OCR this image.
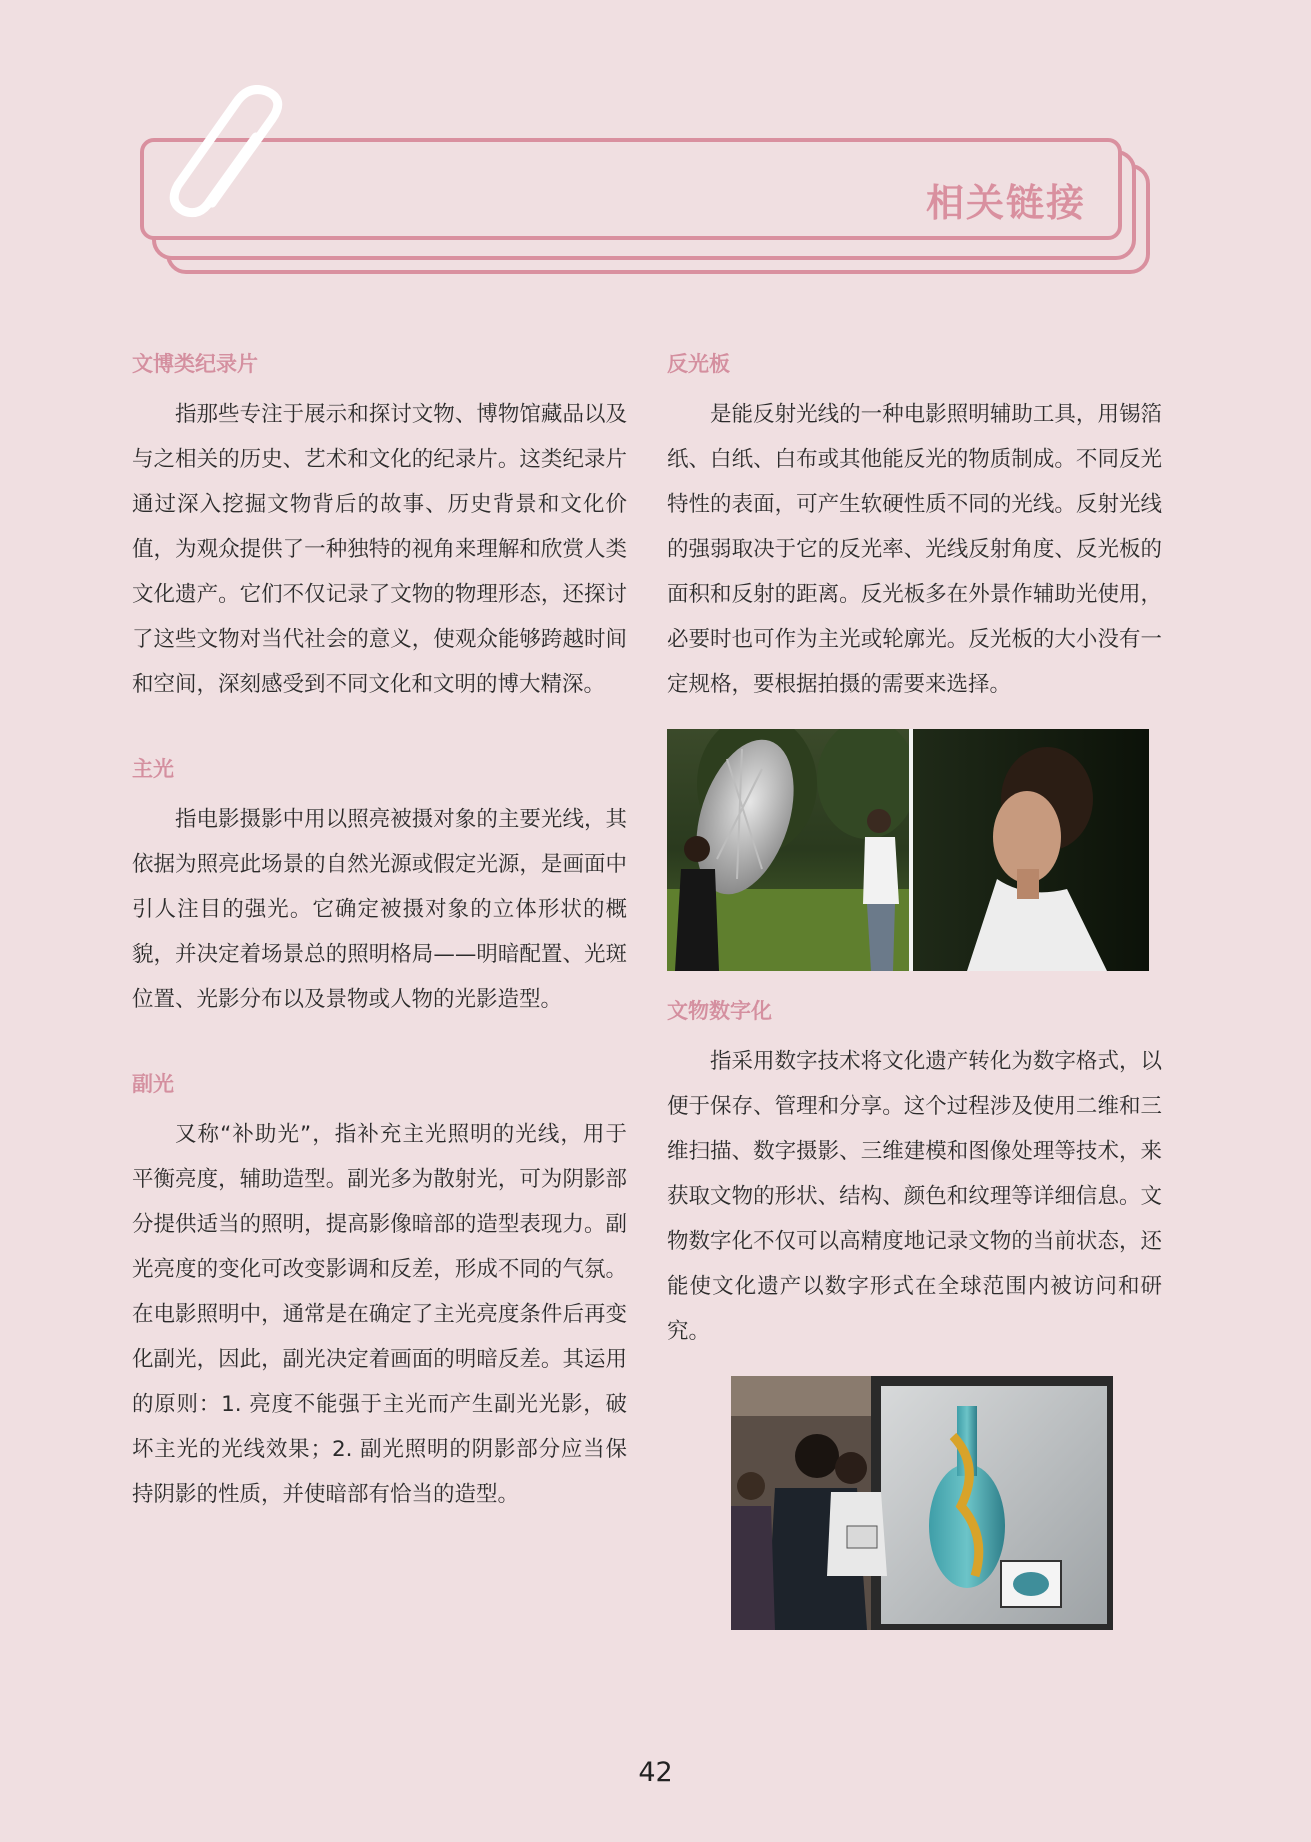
相关链接
文博类纪录片

指那些专注于展示和探讨文物、博物馆藏品以及与之相关的历史、艺术和文化的纪录片。这类纪录片通过深入挖掘文物背后的故事、历史背景和文化价值，为观众提供了一种独特的视角来理解和欣赏人类文化遗产。它们不仅记录了文物的物理形态，还探讨了这些文物对当代社会的意义，使观众能够跨越时间和空间，深刻感受到不同文化和文明的博大精深。

主光

指电影摄影中用以照亮被摄对象的主要光线，其依据为照亮此场景的自然光源或假定光源，是画面中引人注目的强光。它确定被摄对象的立体形状的概貌，并决定着场景总的照明格局——明暗配置、光斑位置、光影分布以及景物或人物的光影造型。

副光

又称“补助光”，指补充主光照明的光线，用于平衡亮度，辅助造型。副光多为散射光，可为阴影部分提供适当的照明，提高影像暗部的造型表现力。副光亮度的变化可改变影调和反差，形成不同的气氛。在电影照明中，通常是在确定了主光亮度条件后再变化副光，因此，副光决定着画面的明暗反差。其运用的原则：1. 亮度不能强于主光而产生副光光影，破坏主光的光线效果；2. 副光照明的阴影部分应当保持阴影的性质，并使暗部有恰当的造型。

反光板

是能反射光线的一种电影照明辅助工具，用锡箔纸、白纸、白布或其他能反光的物质制成。不同反光特性的表面，可产生软硬性质不同的光线。反射光线的强弱取决于它的反光率、光线反射角度、反光板的面积和反射的距离。反光板多在外景作辅助光使用，必要时也可作为主光或轮廓光。反光板的大小没有一定规格，要根据拍摄的需要来选择。

文物数字化

指采用数字技术将文化遗产转化为数字格式，以便于保存、管理和分享。这个过程涉及使用二维和三维扫描、数字摄影、三维建模和图像处理等技术，来获取文物的形状、结构、颜色和纹理等详细信息。文物数字化不仅可以高精度地记录文物的当前状态，还能使文化遗产以数字形式在全球范围内被访问和研究。

42
